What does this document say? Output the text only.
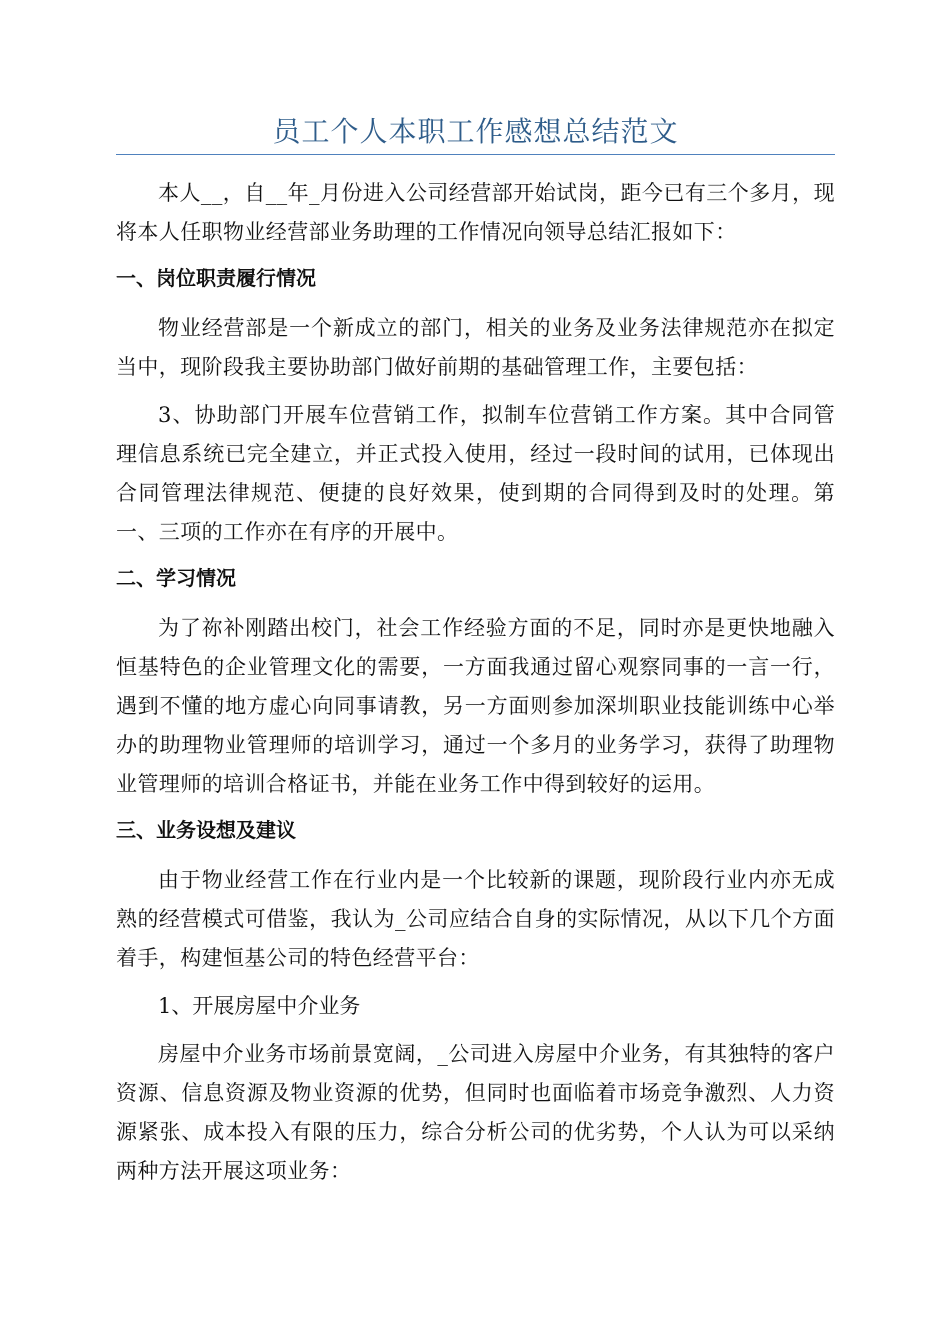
员工个人本职工作感想总结范文

本人__，自__年_月份进入公司经营部开始试岗，距今已有三个多月，现将本人任职物业经营部业务助理的工作情况向领导总结汇报如下：

一、岗位职责履行情况

物业经营部是一个新成立的部门，相关的业务及业务法律规范亦在拟定当中，现阶段我主要协助部门做好前期的基础管理工作，主要包括：

3、协助部门开展车位营销工作，拟制车位营销工作方案。其中合同管理信息系统已完全建立，并正式投入使用，经过一段时间的试用，已体现出合同管理法律规范、便捷的良好效果，使到期的合同得到及时的处理。第一、三项的工作亦在有序的开展中。

二、学习情况

为了祢补刚踏出校门，社会工作经验方面的不足，同时亦是更快地融入恒基特色的企业管理文化的需要，一方面我通过留心观察同事的一言一行，遇到不懂的地方虚心向同事请教，另一方面则参加深圳职业技能训练中心举办的助理物业管理师的培训学习，通过一个多月的业务学习，获得了助理物业管理师的培训合格证书，并能在业务工作中得到较好的运用。

三、业务设想及建议

由于物业经营工作在行业内是一个比较新的课题，现阶段行业内亦无成熟的经营模式可借鉴，我认为_公司应结合自身的实际情况，从以下几个方面着手，构建恒基公司的特色经营平台：

1、开展房屋中介业务

房屋中介业务市场前景宽阔，_公司进入房屋中介业务，有其独特的客户资源、信息资源及物业资源的优势，但同时也面临着市场竞争激烈、人力资源紧张、成本投入有限的压力，综合分析公司的优劣势，个人认为可以采纳两种方法开展这项业务：
